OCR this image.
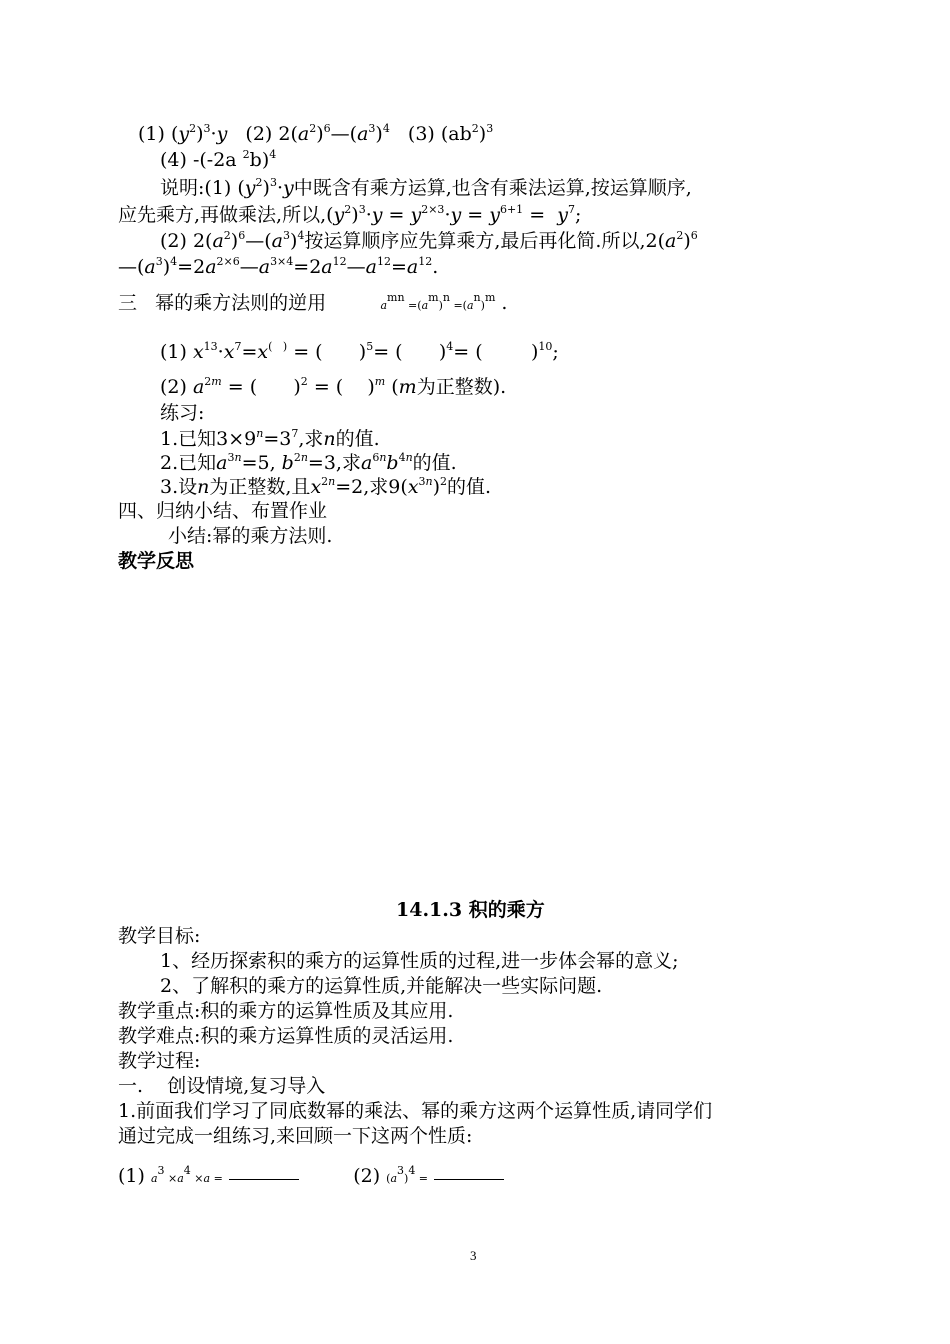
(1) $(y^2)^3\cdot y$   (2) $2(a^2)^6—(a^3)^4$   (3) $(ab^2)^3$
(4) -(-2a $^2$b)$^4$
说明:(1) $(y^2)^3\cdot y$中既含有乘方运算,也含有乘法运算,按运算顺序,
应先乘方,再做乘法,所以$,(y^2)^3\cdot y = y^{2\times 3}\cdot y = y^{6+1} = y^7$;
(2) $2(a^2)^6—(a^3)^4$按运算顺序应先算乘方,最后再化简.所以$,2(a^2)^6$
$—(a^3)^4=2a^{2\times 6}—a^{3\times 4}=2a^{12}—a^{12}=a^{12}$.
三   幂的乘方法则的逆用         $a^{mn} =(a^m)^n =(a^n)^m$ .
(1) $x^{13}\cdot x^7=x^{( )}$ = (      )$^5$= (      )$^4$= (        )$^{10}$;
(2) $a^{2m}$ = (      )$^2$ = (    )$^m$ (m为正整数).
练习:
1.已知$3\times 9^n=3^7$,求n的值.
2.已知$a^{3n}=5$, $b^{2n}=3$,求$a^{6n}b^{4n}$的值.
3.设n为正整数,且$x^{2n}=2$,求$9(x^{3n})^2$的值.
四、归纳小结、布置作业
小结:幂的乘方法则.
教学反思
14.1.3 积的乘方
教学目标:
1、经历探索积的乘方的运算性质的过程,进一步体会幂的意义;
2、了解积的乘方的运算性质,并能解决一些实际问题.
教学重点:积的乘方的运算性质及其应用.
教学难点:积的乘方运算性质的灵活运用.
教学过程:
一.    创设情境,复习导入
1.前面我们学习了同底数幂的乘法、幂的乘方这两个运算性质,请同学们
通过完成一组练习,来回顾一下这两个性质:
(1) $a^3 \times a^4 \times a$ =	(2) $(a^3)^4$ =
3
